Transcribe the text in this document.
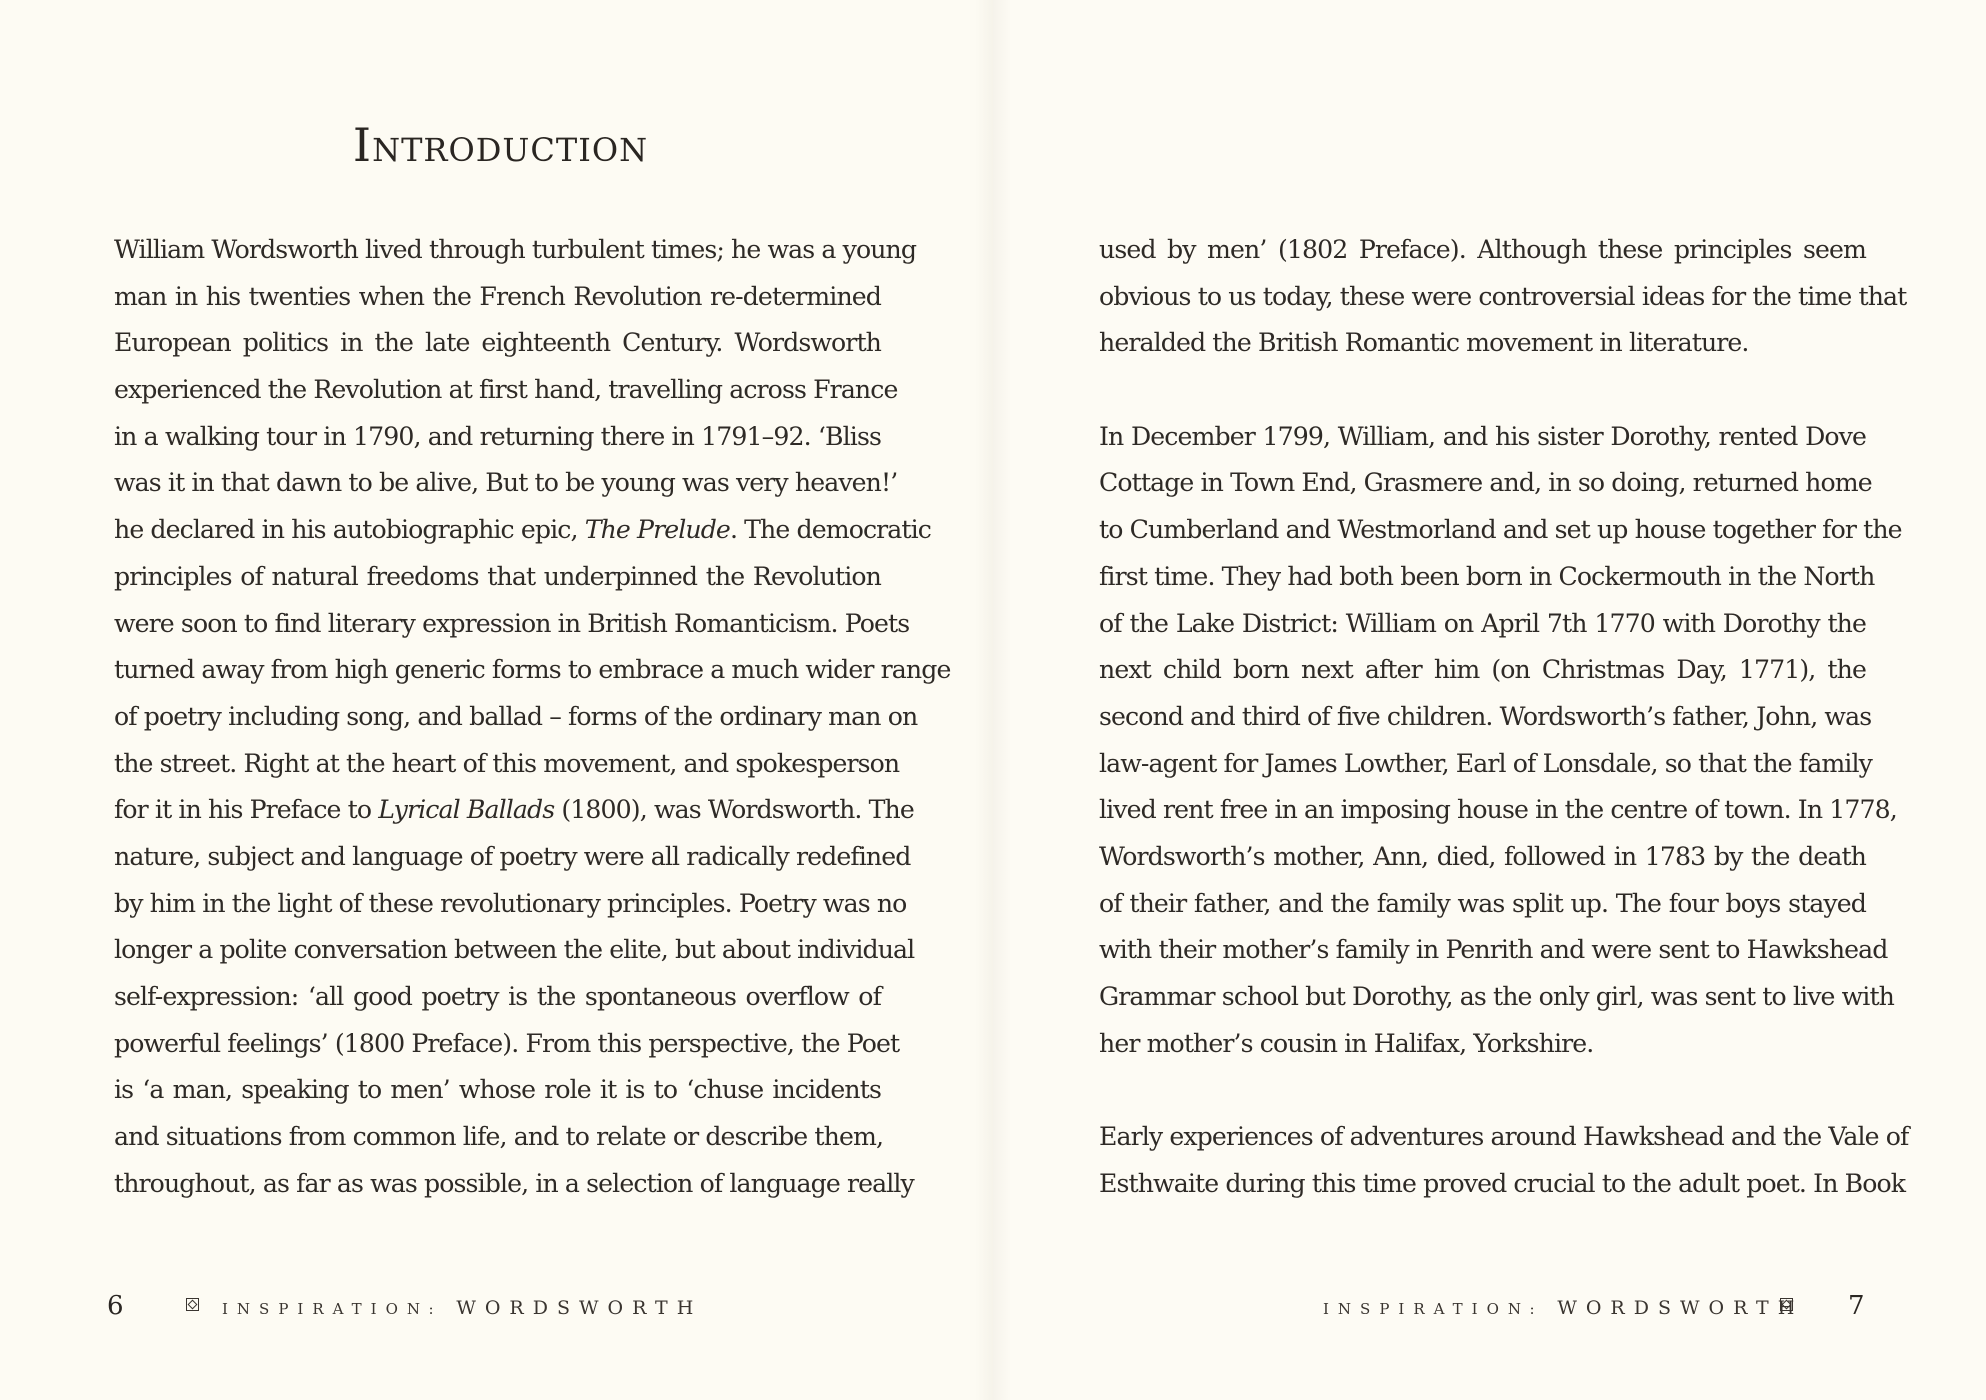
Introduction
William Wordsworth lived through turbulent times; he was a young
man in his twenties when the French Revolution re-determined
European politics in the late eighteenth Century. Wordsworth
experienced the Revolution at first hand, travelling across France
in a walking tour in 1790, and returning there in 1791–92. ‘Bliss
was it in that dawn to be alive, But to be young was very heaven!’
he declared in his autobiographic epic, The Prelude. The democratic
principles of natural freedoms that underpinned the Revolution
were soon to find literary expression in British Romanticism. Poets
turned away from high generic forms to embrace a much wider range
of poetry including song, and ballad – forms of the ordinary man on
the street. Right at the heart of this movement, and spokesperson
for it in his Preface to Lyrical Ballads (1800), was Wordsworth. The
nature, subject and language of poetry were all radically redefined
by him in the light of these revolutionary principles. Poetry was no
longer a polite conversation between the elite, but about individual
self-expression: ‘all good poetry is the spontaneous overflow of
powerful feelings’ (1800 Preface). From this perspective, the Poet
is ‘a man, speaking to men’ whose role it is to ‘chuse incidents
and situations from common life, and to relate or describe them,
throughout, as far as was possible, in a selection of language really
6	INSPIRATION: WORDSWORTH
used by men’ (1802 Preface). Although these principles seem
obvious to us today, these were controversial ideas for the time that
heralded the British Romantic movement in literature.
In December 1799, William, and his sister Dorothy, rented Dove
Cottage in Town End, Grasmere and, in so doing, returned home
to Cumberland and Westmorland and set up house together for the
first time. They had both been born in Cockermouth in the North
of the Lake District: William on April 7th 1770 with Dorothy the
next child born next after him (on Christmas Day, 1771), the
second and third of five children. Wordsworth’s father, John, was
law-agent for James Lowther, Earl of Lonsdale, so that the family
lived rent free in an imposing house in the centre of town. In 1778,
Wordsworth’s mother, Ann, died, followed in 1783 by the death
of their father, and the family was split up. The four boys stayed
with their mother’s family in Penrith and were sent to Hawkshead
Grammar school but Dorothy, as the only girl, was sent to live with
her mother’s cousin in Halifax, Yorkshire.
Early experiences of adventures around Hawkshead and the Vale of
Esthwaite during this time proved crucial to the adult poet. In Book
INSPIRATION: WORDSWORTH 7
